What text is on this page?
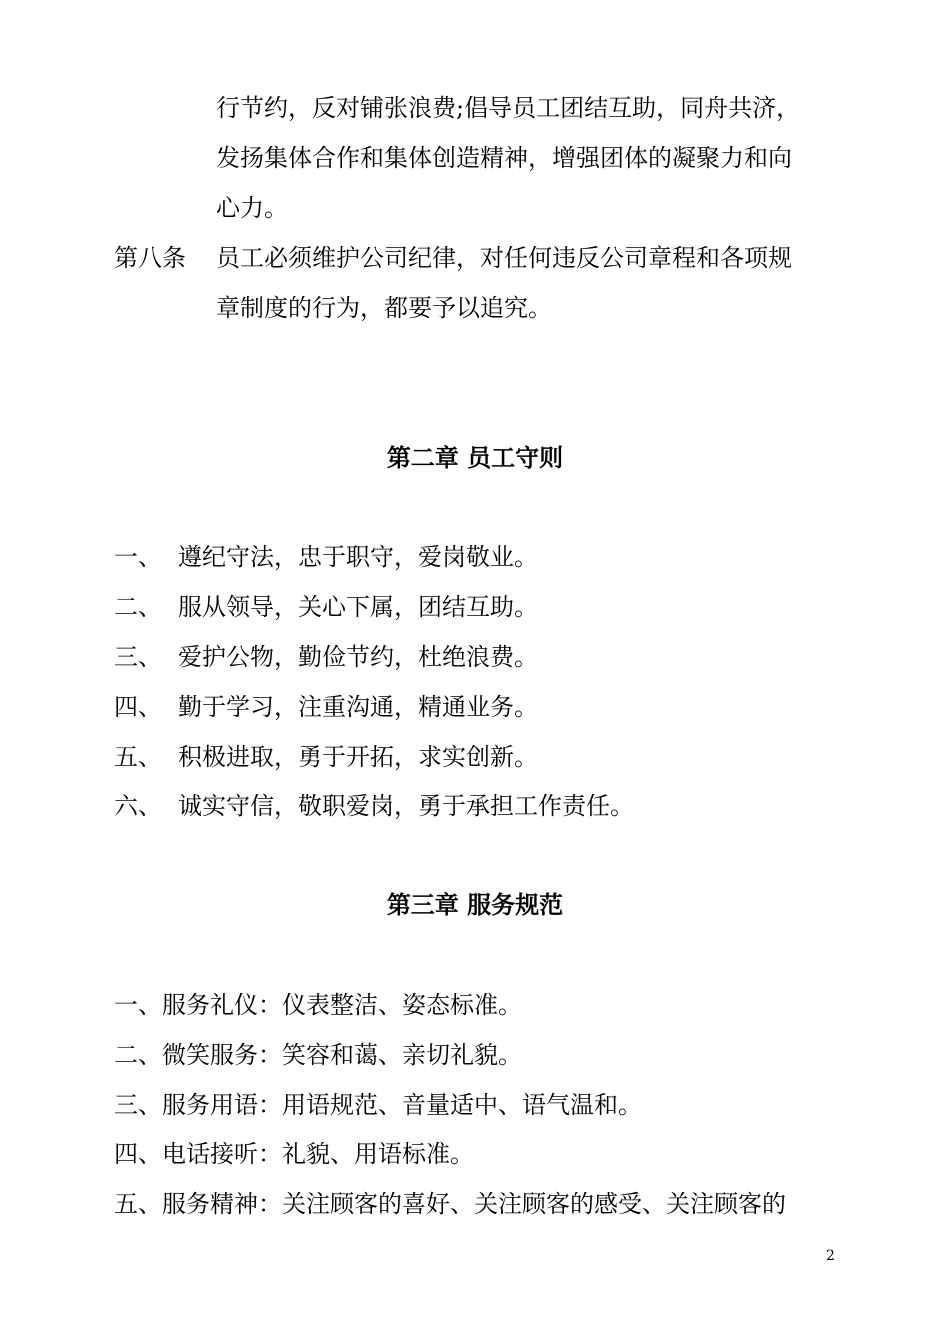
行节约，反对铺张浪费;倡导员工团结互助，同舟共济，
发扬集体合作和集体创造精神，增强团体的凝聚力和向
心力。
第八条 员工必须维护公司纪律，对任何违反公司章程和各项规
章制度的行为，都要予以追究。
第二章 员工守则
一、 遵纪守法，忠于职守，爱岗敬业。
二、 服从领导，关心下属，团结互助。
三、 爱护公物，勤俭节约，杜绝浪费。
四、 勤于学习，注重沟通，精通业务。
五、 积极进取，勇于开拓，求实创新。
六、 诚实守信，敬职爱岗，勇于承担工作责任。
第三章 服务规范
一、服务礼仪：仪表整洁、姿态标准。
二、微笑服务：笑容和蔼、亲切礼貌。
三、服务用语：用语规范、音量适中、语气温和。
四、电话接听：礼貌、用语标准。
五、服务精神：关注顾客的喜好、关注顾客的感受、关注顾客的
2
